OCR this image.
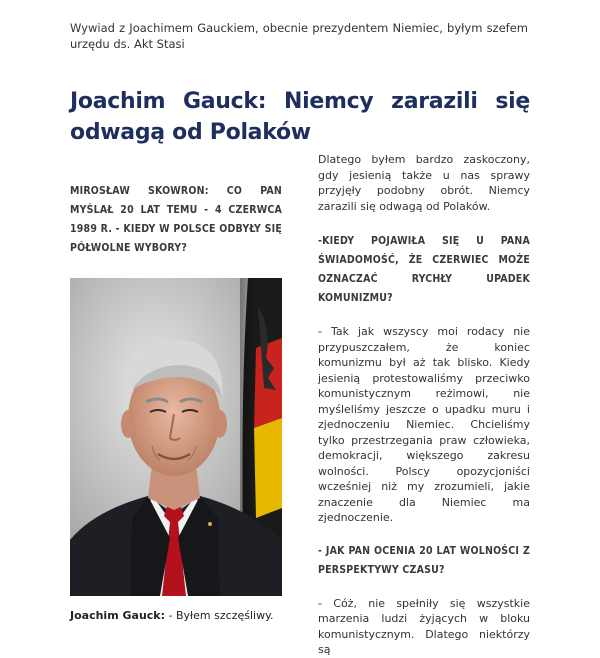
Wywiad z Joachimem Gauckiem, obecnie prezydentem Niemiec, byłym szefem urzędu ds. Akt Stasi
Joachim Gauck: Niemcy zarazili się odwagą od Polaków

MIROSŁAW SKOWRON: CO PAN MYŚLAŁ 20 LAT TEMU - 4 CZERWCA 1989 R. - KIEDY W POLSCE ODBYŁY SIĘ PÓŁWOLNE WYBORY?

Joachim Gauck: - Byłem szczęśliwy.

Dlatego byłem bardzo zaskoczony, gdy jesienią także u nas sprawy przyjęły podobny obrót. Niemcy zarazili się odwagą od Polaków.

-KIEDY POJAWIŁA SIĘ U PANA ŚWIADOMOŚĆ, ŻE CZERWIEC MOŻE OZNACZAĆ RYCHŁY UPADEK KOMUNIZMU?

- Tak jak wszyscy moi rodacy nie przypuszczałem, że koniec komunizmu był aż tak blisko. Kiedy jesienią protestowaliśmy przeciwko komunistycznym reżimowi, nie myśleliśmy jeszcze o upadku muru i zjednoczeniu Niemiec. Chcieliśmy tylko przestrzegania praw człowieka, demokracji, większego zakresu wolności. Polscy opozycjoniści wcześniej niż my zrozumieli, jakie znaczenie dla Niemiec ma zjednoczenie.

- JAK PAN OCENIA 20 LAT WOLNOŚCI Z PERSPEKTYWY CZASU?

- Cóż, nie spełniły się wszystkie marzenia ludzi żyjących w bloku komunistycznym. Dlatego niektórzy są
